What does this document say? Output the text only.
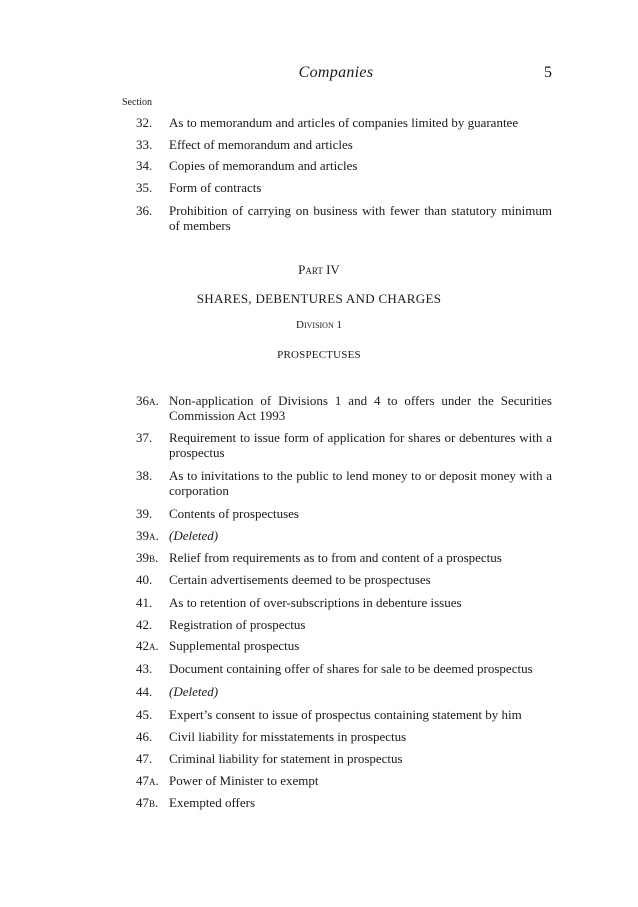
Companies	5
Section
32. As to memorandum and articles of companies limited by guarantee
33. Effect of memorandum and articles
34. Copies of memorandum and articles
35. Form of contracts
36. Prohibition of carrying on business with fewer than statutory minimum of members
Part IV
SHARES, DEBENTURES AND CHARGES
Division 1
PROSPECTUSES
36a. Non-application of Divisions 1 and 4 to offers under the Securities Commission Act 1993
37. Requirement to issue form of application for shares or debentures with a prospectus
38. As to inivitations to the public to lend money to or deposit money with a corporation
39. Contents of prospectuses
39a. (Deleted)
39b. Relief from requirements as to from and content of a prospectus
40. Certain advertisements deemed to be prospectuses
41. As to retention of over-subscriptions in debenture issues
42. Registration of prospectus
42a. Supplemental prospectus
43. Document containing offer of shares for sale to be deemed prospectus
44. (Deleted)
45. Expert’s consent to issue of prospectus containing statement by him
46. Civil liability for misstatements in prospectus
47. Criminal liability for statement in prospectus
47a. Power of Minister to exempt
47b. Exempted offers
